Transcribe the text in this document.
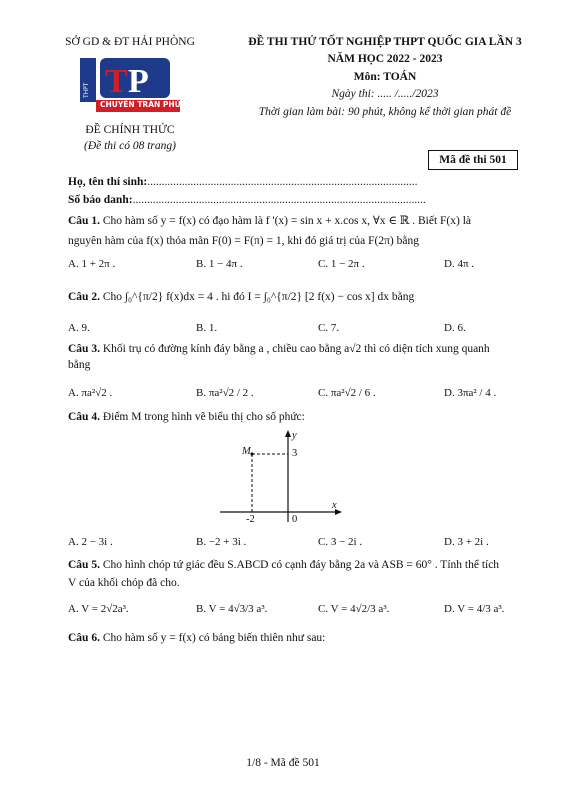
SỞ GD & ĐT HẢI PHÒNG
THPT T P
CHUYÊN TRẦN PHÚ
ĐỀ CHÍNH THỨC
(Đề thi có 08 trang)
ĐỀ THI THỬ TỐT NGHIỆP THPT QUỐC GIA LẦN 3
NĂM HỌC 2022 - 2023
Môn: TOÁN
Ngày thi: ..... /...../2023
Thời gian làm bài: 90 phút, không kể thời gian phát đề
Mã đề thi 501
Họ, tên thí sinh:..............................................................................................
Số báo danh:......................................................................................................
Câu 1. Cho hàm số y = f(x) có đạo hàm là f '(x) = sin x + x.cos x, ∀x ∈ ℝ . Biết F(x) là
nguyên hàm của f(x) thỏa mãn F(0) = F(π) = 1, khi đó giá trị của F(2π) bằng
A. 1 + 2π .	B. 1 − 4π .	C. 1 − 2π .	D. 4π .
Câu 2. Cho ∫₀^{π/2} f(x)dx = 4 . hi đó I = ∫₀^{π/2} [2 f(x) − cos x] dx bằng
A. 9.	B. 1.	C. 7.	D. 6.
Câu 3. Khối trụ có đường kính đáy bằng a , chiều cao bằng a√2 thì có diện tích xung quanh
bằng
A. πa²√2 .	B. πa²√2 / 2 .	C. πa²√2 / 6 .	D. 3πa² / 4 .
Câu 4. Điểm M trong hình vẽ biểu thị cho số phức:
y
3
M
-2	0
x
A. 2 − 3i .	B. −2 + 3i .	C. 3 − 2i .	D. 3 + 2i .
Câu 5. Cho hình chóp tứ giác đều S.ABCD có cạnh đáy bằng 2a và ASB = 60° . Tính thể tích
V của khối chóp đã cho.
A. V = 2√2a³.	B. V = 4√3/3 a³.	C. V = 4√2/3 a³.	D. V = 4/3 a³.
Câu 6. Cho hàm số y = f(x) có bảng biến thiên như sau:
1/8 - Mã đề 501
